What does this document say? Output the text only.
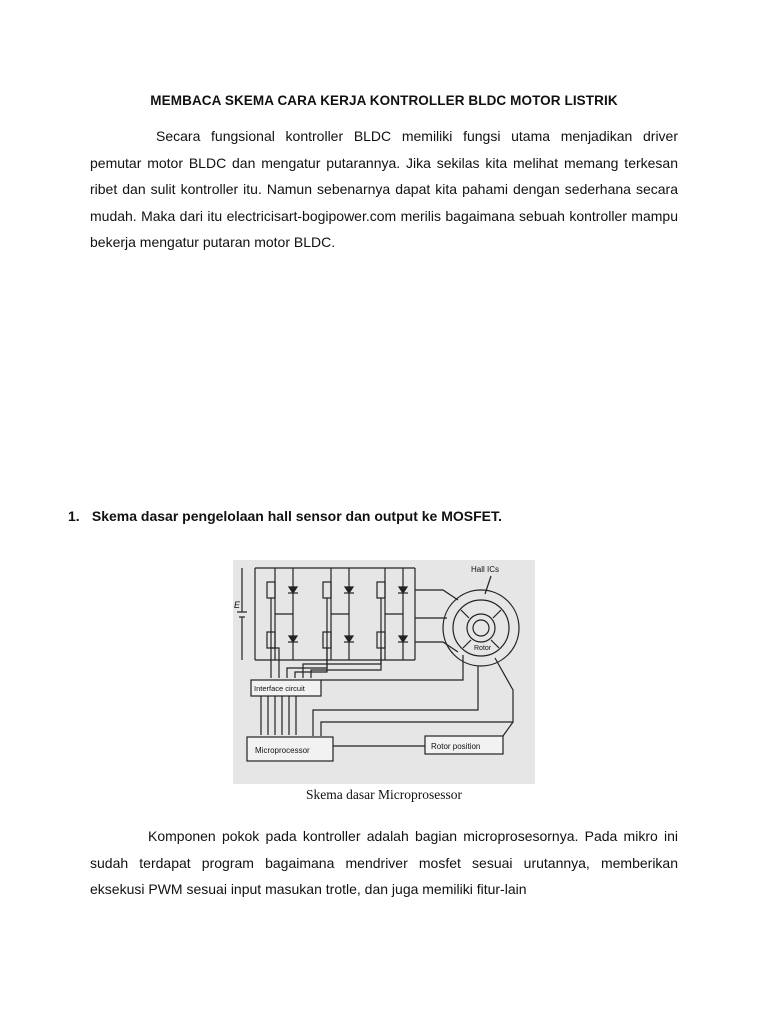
MEMBACA SKEMA CARA KERJA KONTROLLER BLDC MOTOR LISTRIK

Secara fungsional kontroller BLDC memiliki fungsi utama menjadikan driver pemutar motor BLDC dan mengatur putarannya. Jika sekilas kita melihat memang terkesan ribet dan sulit kontroller itu. Namun sebenarnya dapat kita pahami dengan sederhana secara mudah. Maka dari itu electricisart-bogipower.com merilis bagaimana sebuah kontroller mampu bekerja mengatur putaran motor BLDC.

1. Skema dasar pengelolaan hall sensor dan output ke MOSFET.
Hall ICs
E
Rotor
Interface circuit
Microprocessor	Rotor position
Skema dasar Microprosessor

Komponen pokok pada kontroller adalah bagian microprosesornya. Pada mikro ini sudah terdapat program bagaimana mendriver mosfet sesuai urutannya, memberikan eksekusi PWM sesuai input masukan trotle, dan juga memiliki fitur-lain
